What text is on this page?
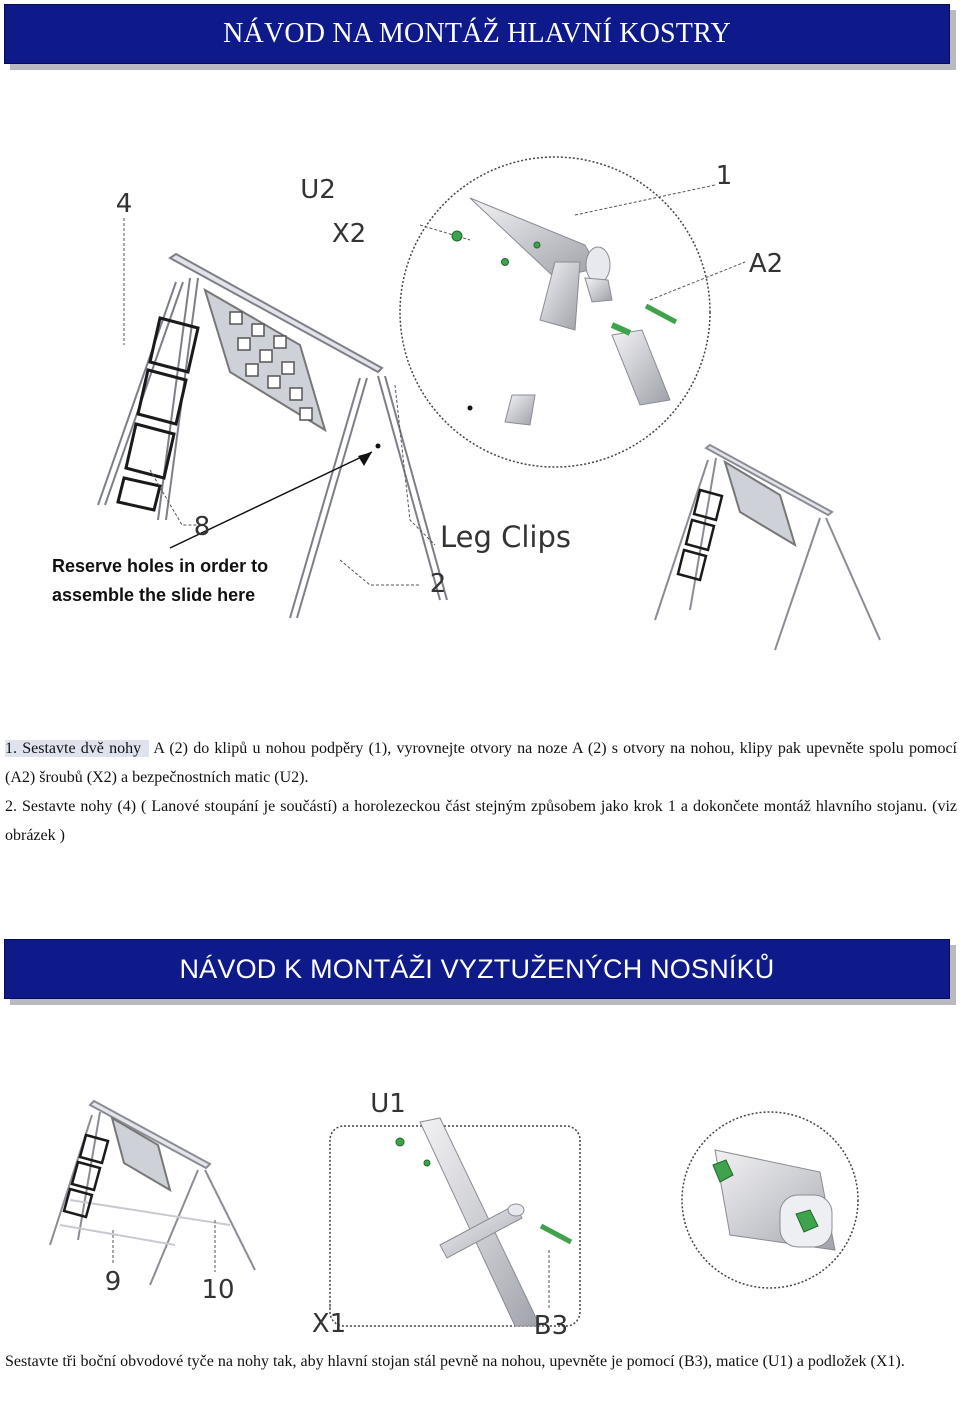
NÁVOD NA MONTÁŽ HLAVNÍ KOSTRY
4	U2
X2
1
A2
8
2
Leg Clips
Reserve holes in order to
assemble the slide here

1. Sestavte dvě nohy A (2) do klipů u nohou podpěry (1), vyrovnejte otvory na noze A (2) s otvory na nohou, klipy pak upevněte spolu pomocí (A2) šroubů (X2) a bezpečnostních matic (U2).

2. Sestavte nohy (4) ( Lanové stoupání je součástí) a horolezeckou část stejným způsobem jako krok 1 a dokončete montáž hlavního stojanu. (viz obrázek )

NÁVOD K MONTÁŽI VYZTUŽENÝCH NOSNÍKŮ
U1
9	10
X1	B3

Sestavte tři boční obvodové tyče na nohy tak, aby hlavní stojan stál pevně na nohou, upevněte je pomocí (B3), matice (U1) a podložek (X1).
